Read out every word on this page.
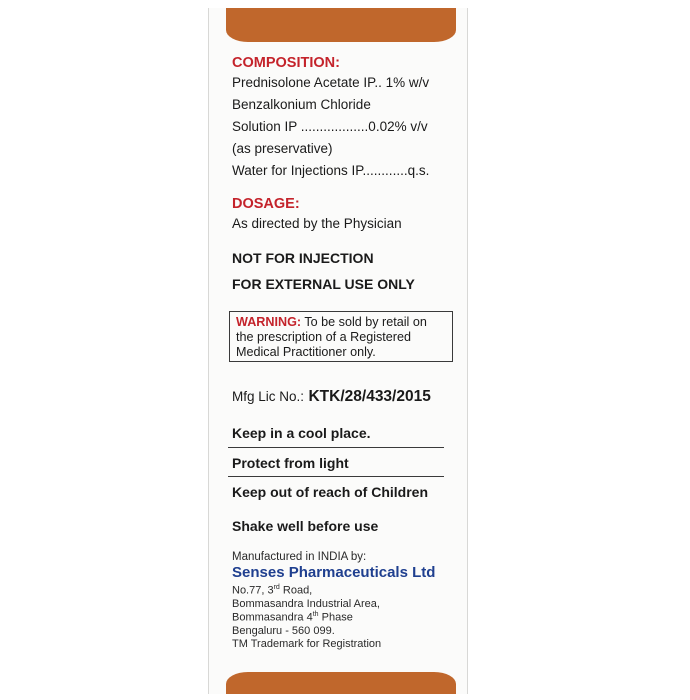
COMPOSITION:
Prednisolone Acetate IP.. 1% w/v
Benzalkonium Chloride
Solution IP ..................0.02% v/v
(as preservative)
Water for Injections IP............q.s.
DOSAGE:
As directed by the Physician
NOT FOR INJECTION
FOR EXTERNAL USE ONLY
WARNING: To be sold by retail on
the prescription of a Registered
Medical Practitioner only.
Mfg Lic No.: KTK/28/433/2015
Keep in a cool place.
Protect from light
Keep out of reach of Children
Shake well before use
Manufactured in INDIA by:
Senses Pharmaceuticals Ltd
No.77, 3rd Road,
Bommasandra Industrial Area,
Bommasandra 4th Phase
Bengaluru - 560 099.
TM Trademark for Registration
